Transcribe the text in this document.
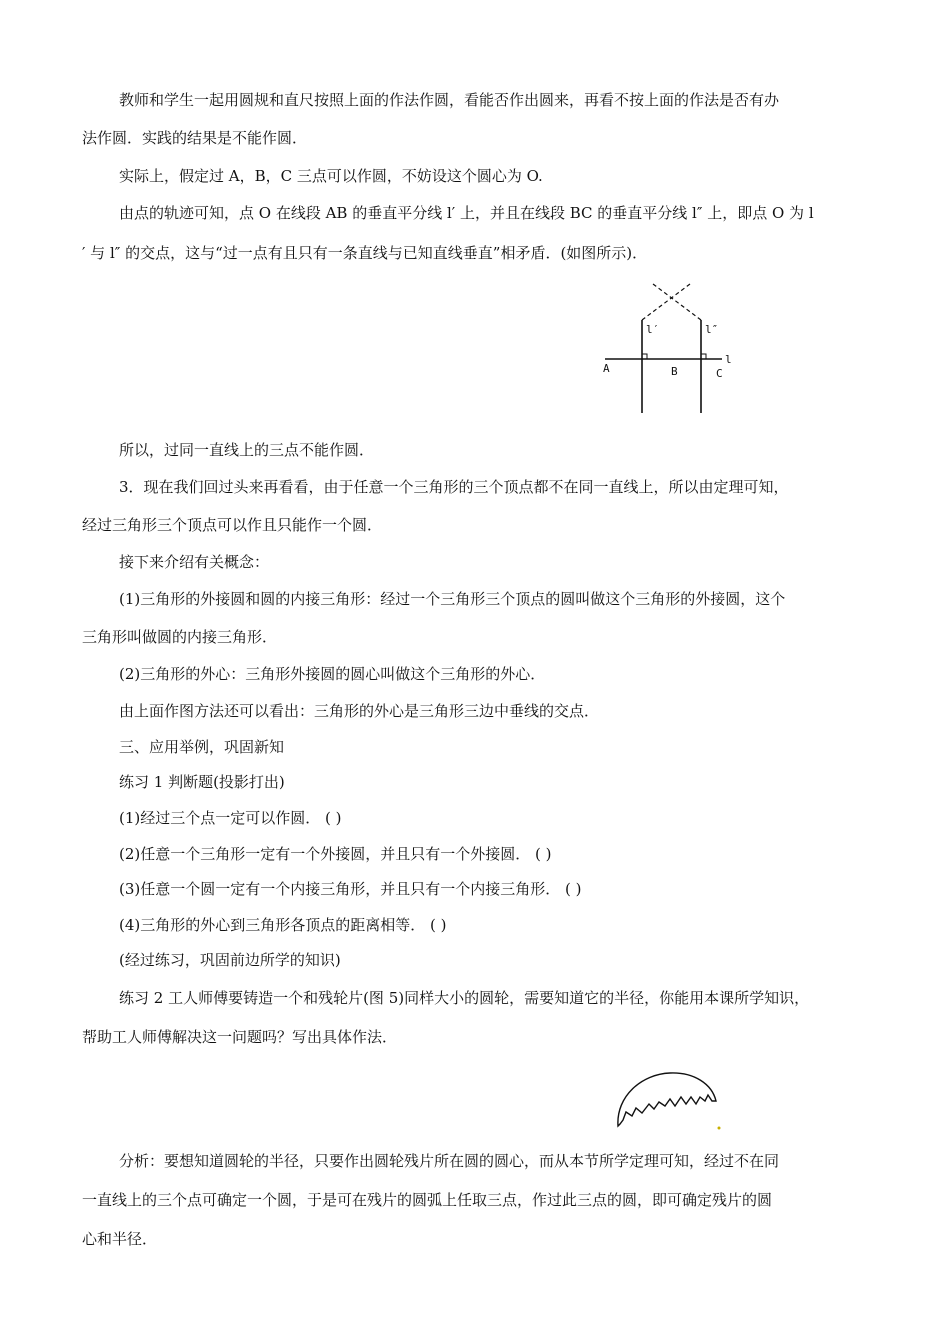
教师和学生一起用圆规和直尺按照上面的作法作圆，看能否作出圆来，再看不按上面的作法是否有办
法作圆．实践的结果是不能作圆．
实际上，假定过 A，B，C 三点可以作圆，不妨设这个圆心为 O.
由点的轨迹可知，点 O 在线段 AB 的垂直平分线 l′ 上，并且在线段 BC 的垂直平分线 l″ 上，即点 O 为 l
′ 与 l″ 的交点，这与“过一点有且只有一条直线与已知直线垂直”相矛盾．(如图所示)．
l′	l″
l
A	B	C
所以，过同一直线上的三点不能作圆．
3．现在我们回过头来再看看，由于任意一个三角形的三个顶点都不在同一直线上，所以由定理可知，
经过三角形三个顶点可以作且只能作一个圆．
接下来介绍有关概念：
(1)三角形的外接圆和圆的内接三角形：经过一个三角形三个顶点的圆叫做这个三角形的外接圆，这个
三角形叫做圆的内接三角形．
(2)三角形的外心：三角形外接圆的圆心叫做这个三角形的外心．
由上面作图方法还可以看出：三角形的外心是三角形三边中垂线的交点．
三、应用举例，巩固新知
练习 1 判断题(投影打出)
(1)经过三个点一定可以作圆． ( )
(2)任意一个三角形一定有一个外接圆，并且只有一个外接圆． ( )
(3)任意一个圆一定有一个内接三角形，并且只有一个内接三角形． ( )
(4)三角形的外心到三角形各顶点的距离相等． ( )
(经过练习，巩固前边所学的知识)
练习 2 工人师傅要铸造一个和残轮片(图 5)同样大小的圆轮，需要知道它的半径，你能用本课所学知识，
帮助工人师傅解决这一问题吗？写出具体作法．
分析：要想知道圆轮的半径，只要作出圆轮残片所在圆的圆心，而从本节所学定理可知，经过不在同
一直线上的三个点可确定一个圆，于是可在残片的圆弧上任取三点，作过此三点的圆，即可确定残片的圆
心和半径．
